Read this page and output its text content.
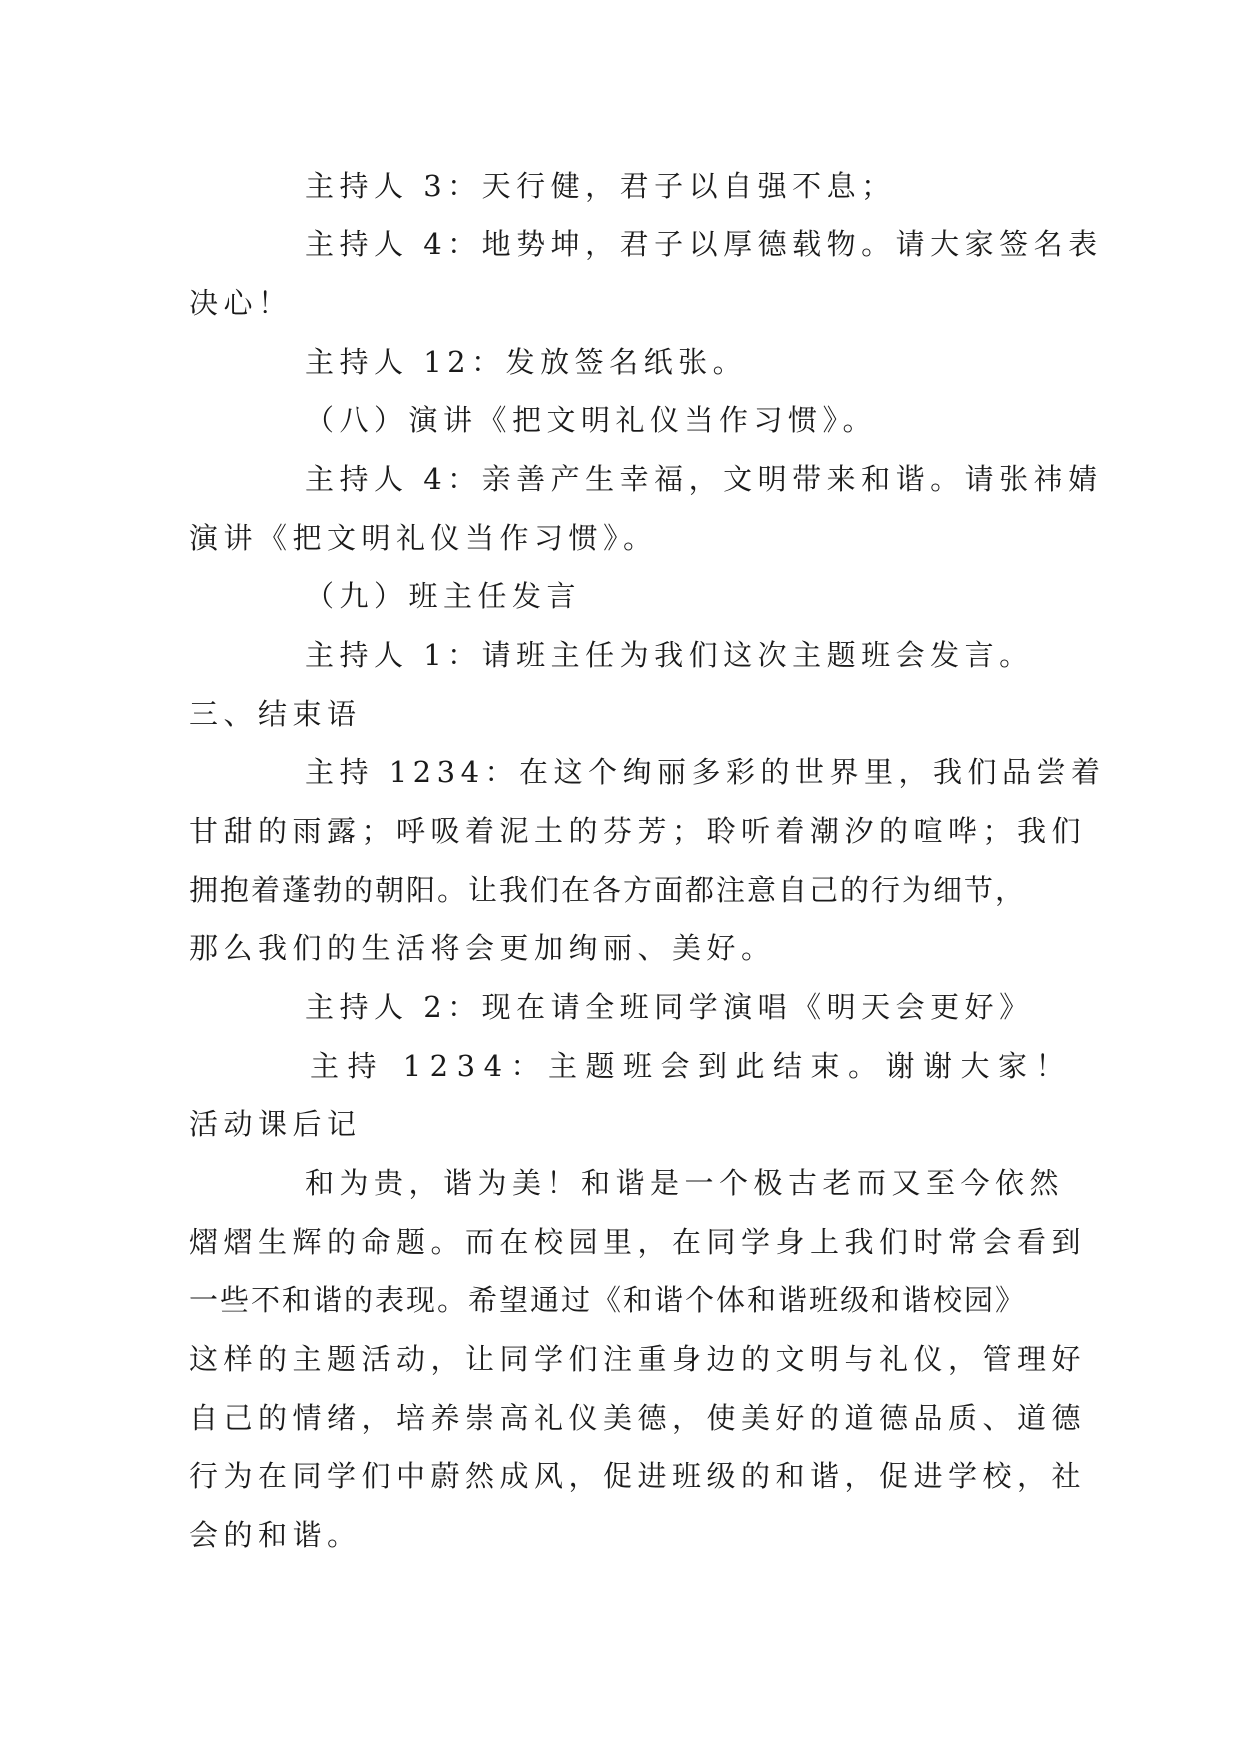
主持人 3：天行健，君子以自强不息；

主持人 4：地势坤，君子以厚德载物。请大家签名表

决心！

主持人 12：发放签名纸张。

（八）演讲《把文明礼仪当作习惯》。

主持人 4：亲善产生幸福，文明带来和谐。请张祎婧

演讲《把文明礼仪当作习惯》。

（九）班主任发言

主持人 1：请班主任为我们这次主题班会发言。

三、结束语

主持 1234：在这个绚丽多彩的世界里，我们品尝着

甘甜的雨露；呼吸着泥土的芬芳；聆听着潮汐的喧哗；我们

拥抱着蓬勃的朝阳。让我们在各方面都注意自己的行为细节，

那么我们的生活将会更加绚丽、美好。

主持人 2：现在请全班同学演唱《明天会更好》

主持 1234：主题班会到此结束。谢谢大家！

活动课后记

和为贵，谐为美！和谐是一个极古老而又至今依然

熠熠生辉的命题。而在校园里，在同学身上我们时常会看到

一些不和谐的表现。希望通过《和谐个体和谐班级和谐校园》

这样的主题活动，让同学们注重身边的文明与礼仪，管理好

自己的情绪，培养崇高礼仪美德，使美好的道德品质、道德

行为在同学们中蔚然成风，促进班级的和谐，促进学校，社

会的和谐。
